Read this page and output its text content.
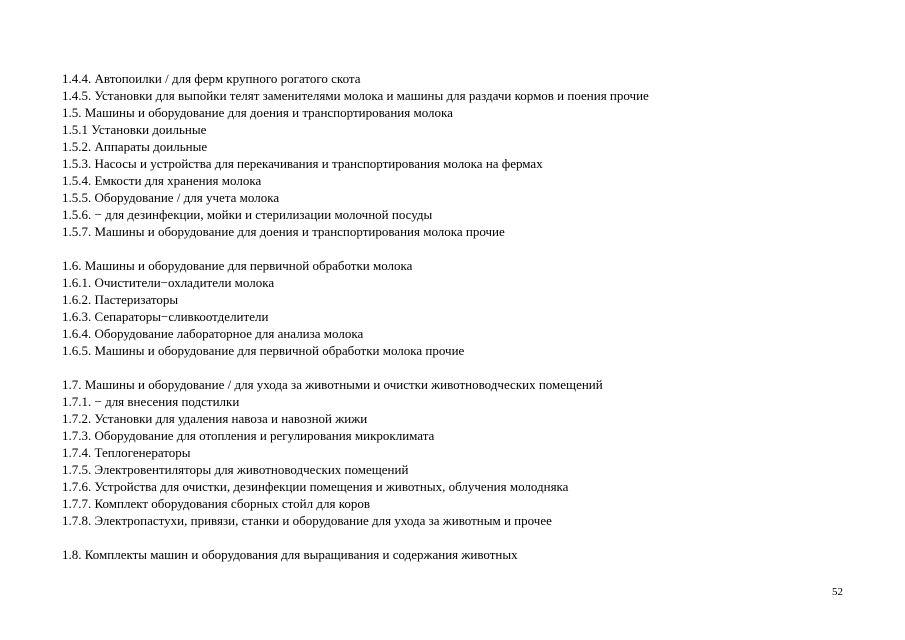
1.4.4. Автопоилки / для ферм крупного рогатого скота
1.4.5. Установки для выпойки телят заменителями молока и машины для раздачи кормов и поения прочие
1.5. Машины и оборудование для доения и транспортирования молока
1.5.1 Установки доильные
1.5.2. Аппараты доильные
1.5.3. Насосы и устройства для перекачивания и транспортирования молока на фермах
1.5.4. Емкости для хранения молока
1.5.5. Оборудование / для учета молока
1.5.6. − для дезинфекции, мойки и стерилизации молочной посуды
1.5.7. Машины и оборудование для доения и транспортирования молока прочие
1.6. Машины и оборудование для первичной обработки молока
1.6.1. Очистители−охладители молока
1.6.2. Пастеризаторы
1.6.3. Сепараторы−сливкоотделители
1.6.4. Оборудование лабораторное для анализа молока
1.6.5. Машины и оборудование для первичной обработки молока прочие
1.7. Машины и оборудование / для ухода за животными и очистки животноводческих помещений
1.7.1. − для внесения подстилки
1.7.2. Установки для удаления навоза и навозной жижи
1.7.3. Оборудование для отопления и регулирования микроклимата
1.7.4. Теплогенераторы
1.7.5. Электровентиляторы для животноводческих помещений
1.7.6. Устройства для очистки, дезинфекции помещения и животных, облучения молодняка
1.7.7. Комплект оборудования сборных стойл для коров
1.7.8. Электропастухи, привязи, станки и оборудование для ухода за животным и прочее
1.8. Комплекты машин и оборудования для выращивания и содержания животных
52
